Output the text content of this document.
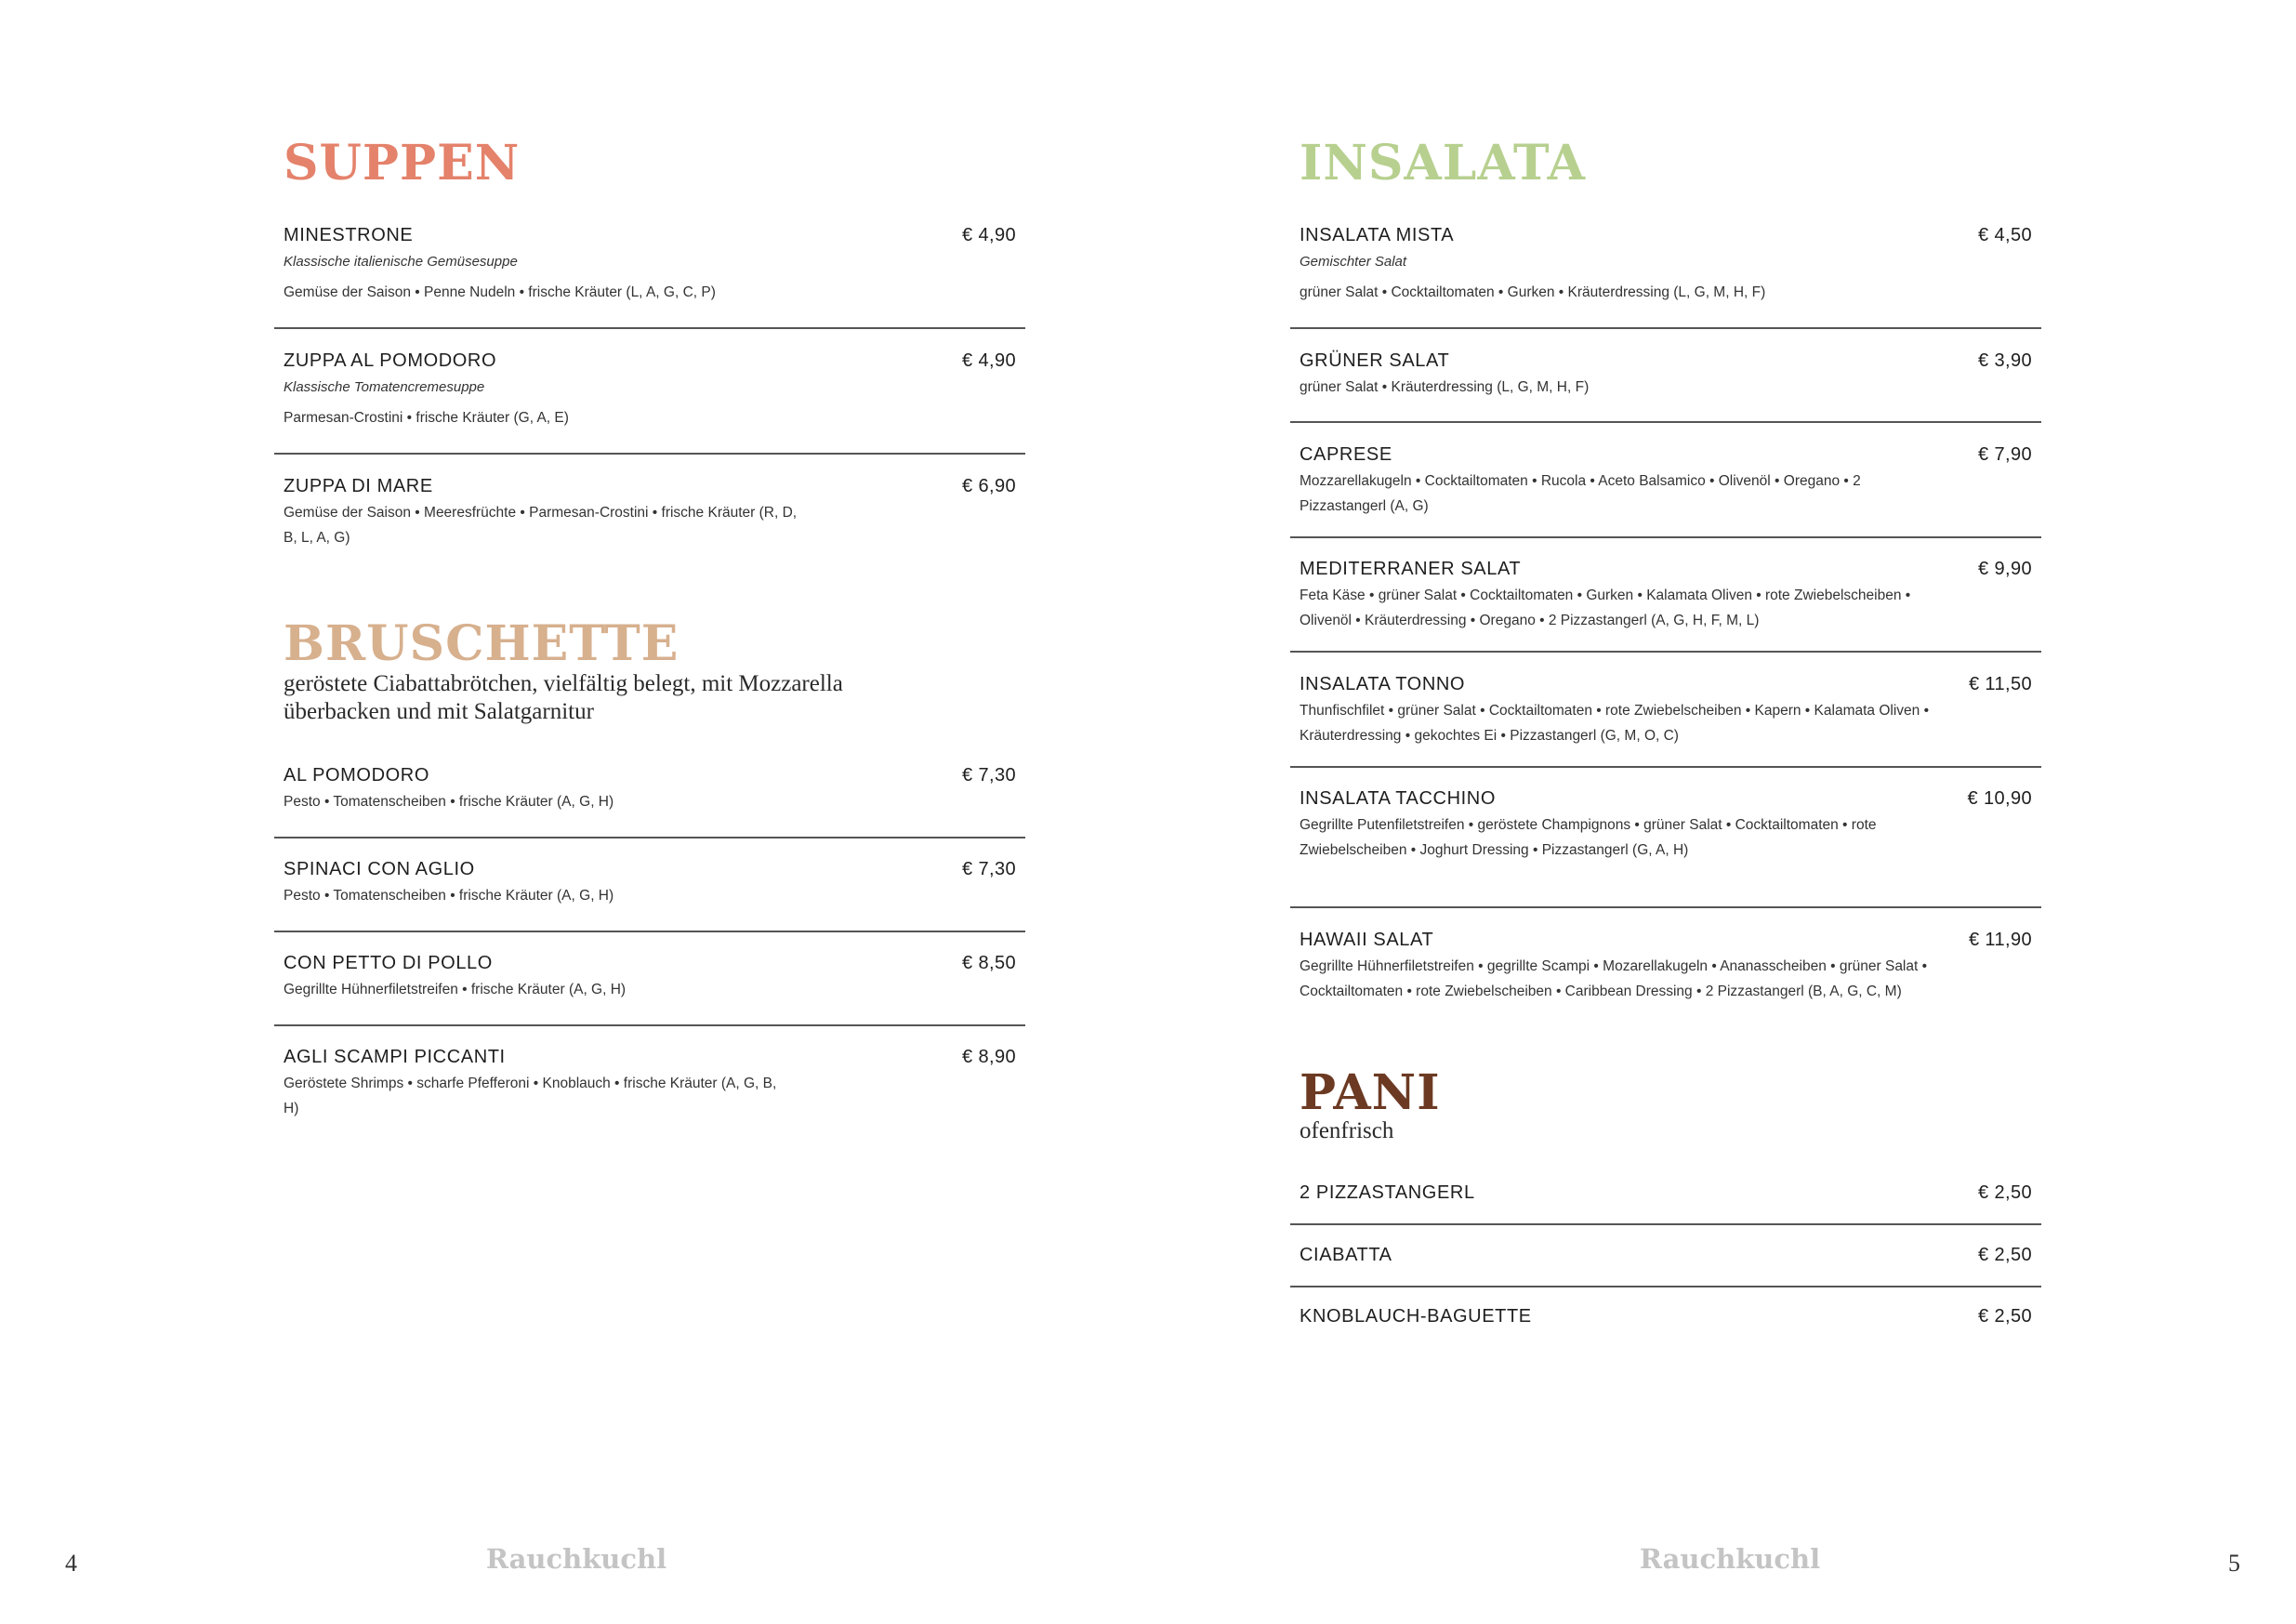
SUPPEN
MINESTRONE	€ 4,90

Klassische italienische Gemüsesuppe

Gemüse der Saison • Penne Nudeln • frische Kräuter (L, A, G, C, P)

ZUPPA AL POMODORO	€ 4,90

Klassische Tomatencremesuppe

Parmesan-Crostini • frische Kräuter (G, A, E)

ZUPPA DI MARE	€ 6,90

Gemüse der Saison • Meeresfrüchte • Parmesan-Crostini • frische Kräuter (R, D, B, L, A, G)

BRUSCHETTE

geröstete Ciabattabrötchen, vielfältig belegt, mit Mozzarella überbacken und mit Salatgarnitur

AL POMODORO	€ 7,30

Pesto • Tomatenscheiben • frische Kräuter (A, G, H)

SPINACI CON AGLIO	€ 7,30

Pesto • Tomatenscheiben • frische Kräuter (A, G, H)

CON PETTO DI POLLO	€ 8,50

Gegrillte Hühnerfiletstreifen • frische Kräuter (A, G, H)

AGLI SCAMPI PICCANTI	€ 8,90

Geröstete Shrimps • scharfe Pfefferoni • Knoblauch • frische Kräuter (A, G, B, H)

INSALATA
INSALATA MISTA	€ 4,50

Gemischter Salat

grüner Salat • Cocktailtomaten • Gurken • Kräuterdressing (L, G, M, H, F)

GRÜNER SALAT	€ 3,90

grüner Salat • Kräuterdressing (L, G, M, H, F)

CAPRESE	€ 7,90

Mozzarellakugeln • Cocktailtomaten • Rucola • Aceto Balsamico • Olivenöl • Oregano • 2 Pizzastangerl (A, G)

MEDITERRANER SALAT	€ 9,90

Feta Käse • grüner Salat • Cocktailtomaten • Gurken • Kalamata Oliven • rote Zwiebelscheiben • Olivenöl • Kräuterdressing • Oregano • 2 Pizzastangerl (A, G, H, F, M, L)

INSALATA TONNO	€ 11,50

Thunfischfilet • grüner Salat • Cocktailtomaten • rote Zwiebelscheiben • Kapern • Kalamata Oliven • Kräuterdressing • gekochtes Ei • Pizzastangerl (G, M, O, C)

INSALATA TACCHINO	€ 10,90

Gegrillte Putenfiletstreifen • geröstete Champignons • grüner Salat • Cocktailtomaten • rote Zwiebelscheiben • Joghurt Dressing • Pizzastangerl (G, A, H)

HAWAII SALAT	€ 11,90

Gegrillte Hühnerfiletstreifen • gegrillte Scampi • Mozarellakugeln • Ananasscheiben • grüner Salat • Cocktailtomaten • rote Zwiebelscheiben • Caribbean Dressing • 2 Pizzastangerl (B, A, G, C, M)

PANI

ofenfrisch

2 PIZZASTANGERL	€ 2,50
CIABATTA	€ 2,50
KNOBLAUCH-BAGUETTE	€ 2,50
4	Rauchkuchl	Rauchkuchl	5
